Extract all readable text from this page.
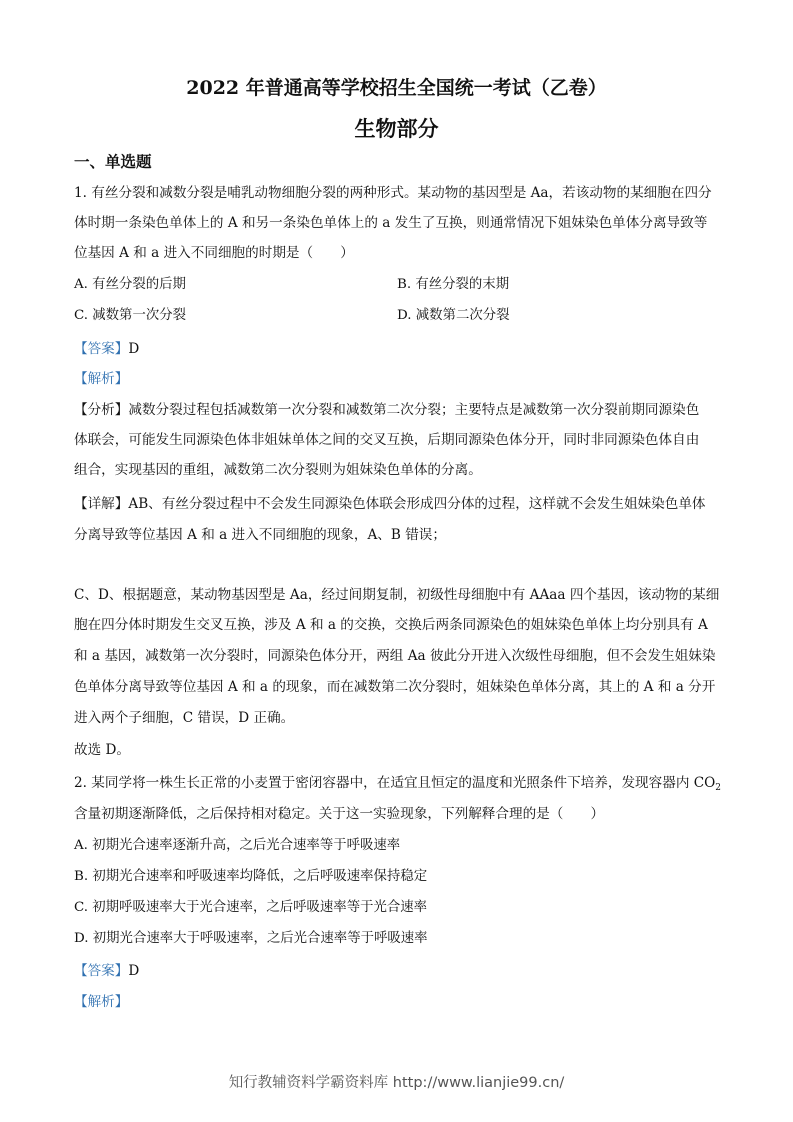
2022 年普通高等学校招生全国统一考试（乙卷）
生物部分
一、单选题
1. 有丝分裂和减数分裂是哺乳动物细胞分裂的两种形式。某动物的基因型是 Aa，若该动物的某细胞在四分
体时期一条染色单体上的 A 和另一条染色单体上的 a 发生了互换，则通常情况下姐妹染色单体分离导致等
位基因 A 和 a 进入不同细胞的时期是（　　）
A. 有丝分裂的后期	B. 有丝分裂的末期
C. 减数第一次分裂	D. 减数第二次分裂
【答案】D
【解析】
【分析】减数分裂过程包括减数第一次分裂和减数第二次分裂；主要特点是减数第一次分裂前期同源染色
体联会，可能发生同源染色体非姐妹单体之间的交叉互换，后期同源染色体分开，同时非同源染色体自由
组合，实现基因的重组，减数第二次分裂则为姐妹染色单体的分离。
【详解】AB、有丝分裂过程中不会发生同源染色体联会形成四分体的过程，这样就不会发生姐妹染色单体
分离导致等位基因 A 和 a 进入不同细胞的现象，A、B 错误；
C、D、根据题意，某动物基因型是 Aa，经过间期复制，初级性母细胞中有 AAaa 四个基因，该动物的某细
胞在四分体时期发生交叉互换，涉及 A 和 a 的交换，交换后两条同源染色的姐妹染色单体上均分别具有 A
和 a 基因，减数第一次分裂时，同源染色体分开，两组 Aa 彼此分开进入次级性母细胞，但不会发生姐妹染
色单体分离导致等位基因 A 和 a 的现象，而在减数第二次分裂时，姐妹染色单体分离，其上的 A 和 a 分开
进入两个子细胞，C 错误，D 正确。
故选 D。
2. 某同学将一株生长正常的小麦置于密闭容器中，在适宜且恒定的温度和光照条件下培养，发现容器内 $CO_2$
含量初期逐渐降低，之后保持相对稳定。关于这一实验现象，下列解释合理的是（　　）
A. 初期光合速率逐渐升高，之后光合速率等于呼吸速率
B. 初期光合速率和呼吸速率均降低，之后呼吸速率保持稳定
C. 初期呼吸速率大于光合速率，之后呼吸速率等于光合速率
D. 初期光合速率大于呼吸速率，之后光合速率等于呼吸速率
【答案】D
【解析】
知行教辅资料学霸资料库 http://www.lianjie99.cn/
